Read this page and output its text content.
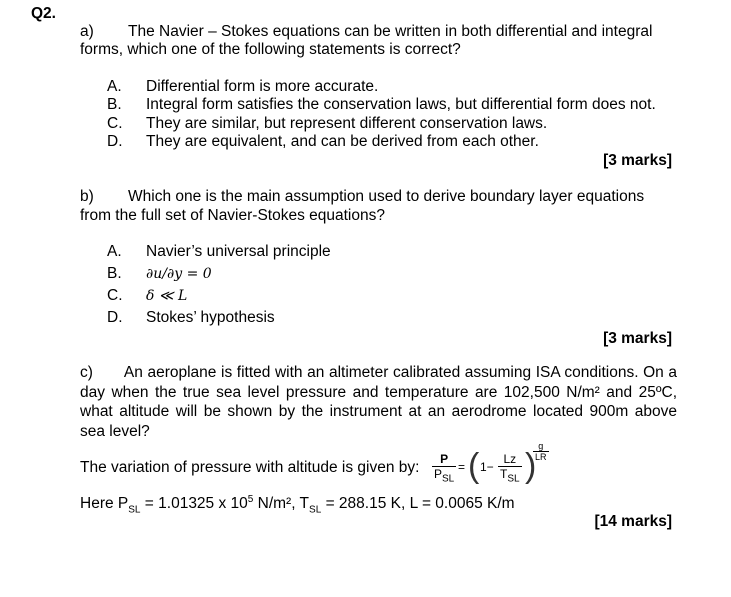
Q2.
a) The Navier – Stokes equations can be written in both differential and integral
forms, which one of the following statements is correct?
A. Differential form is more accurate.
B. Integral form satisfies the conservation laws, but differential form does not.
C. They are similar, but represent different conservation laws.
D. They are equivalent, and can be derived from each other.
[3 marks]
b) Which one is the main assumption used to derive boundary layer equations
from the full set of Navier-Stokes equations?
A. Navier’s universal principle
B. ∂u/∂y = 0
C. δ ≪ L
D. Stokes’ hypothesis
[3 marks]
c) An aeroplane is fitted with an altimeter calibrated assuming ISA conditions. On a day when the true sea level pressure and temperature are 102,500 N/m² and 25ºC, what altitude will be shown by the instrument at an aerodrome located 900m above sea level?
The variation of pressure with altitude is given by:	P
$P_{SL}$
= ( 1−
Lz
$T_{SL}$ )
$\frac{g}{LR}$
Here $P_{SL} = 1.01325$ x $10^5$ N/m², $T_{SL} = 288.15$ K, L = 0.0065 K/m
[14 marks]
